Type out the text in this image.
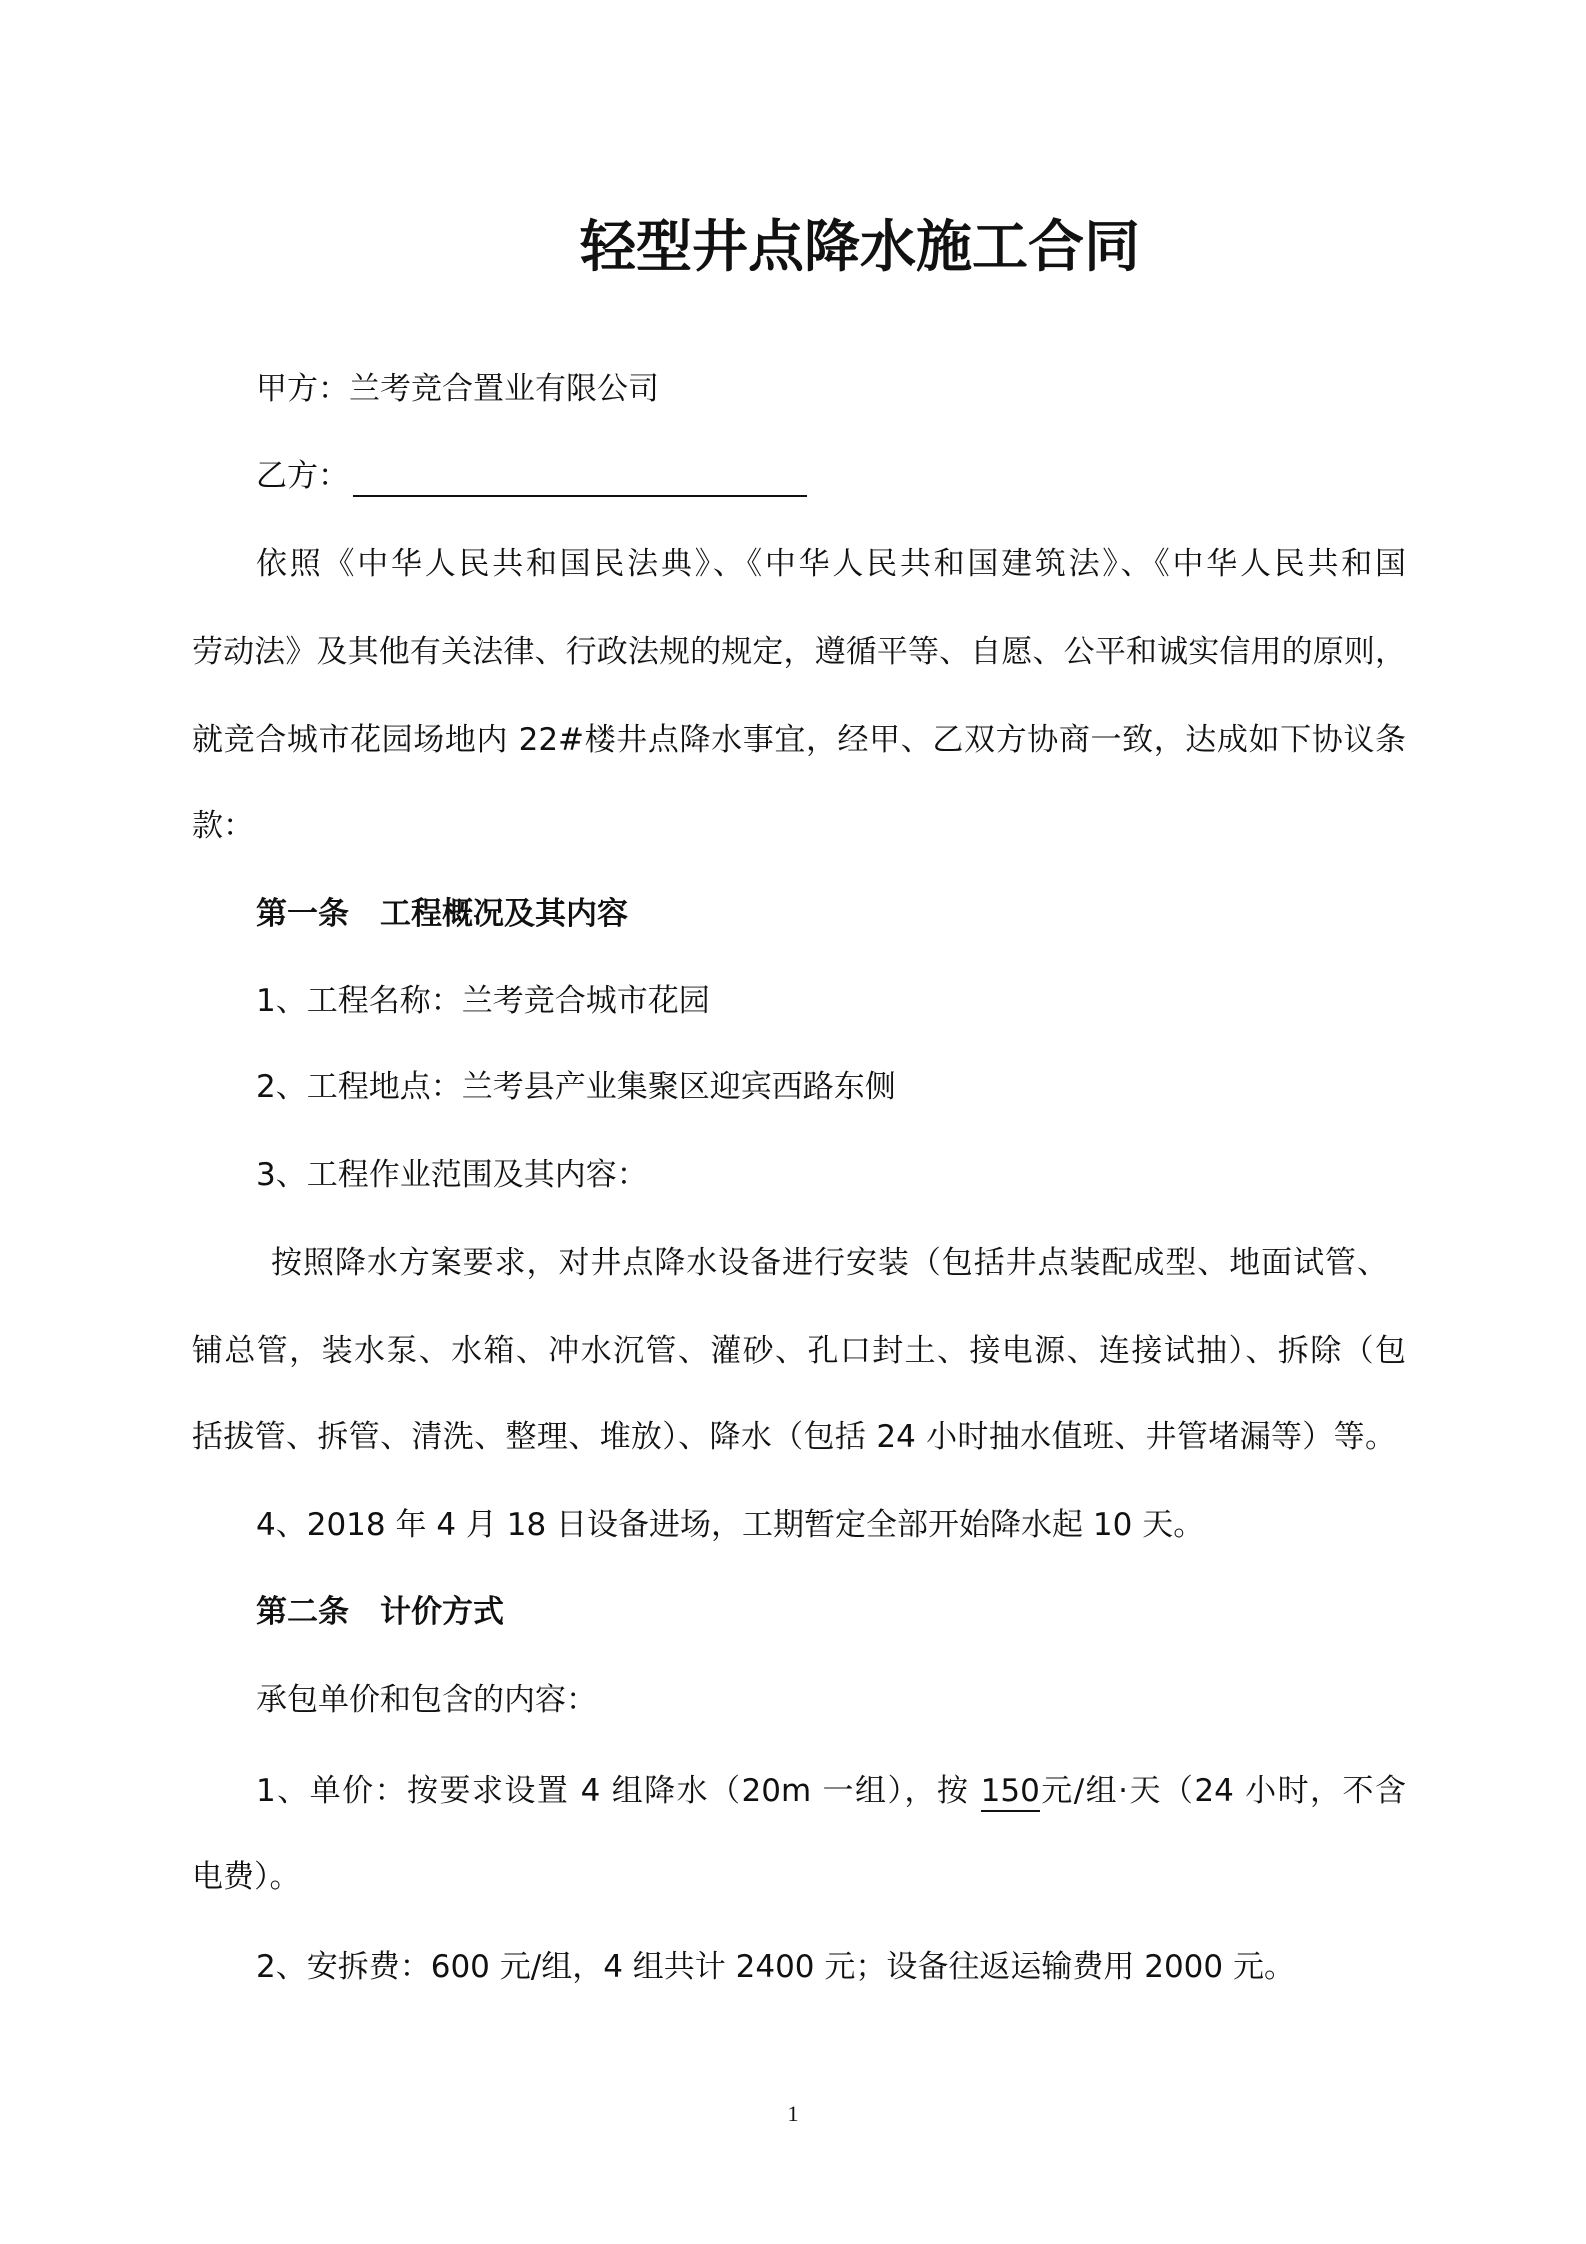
轻型井点降水施工合同
甲方：兰考竞合置业有限公司
乙方：
依照《中华人民共和国民法典》、《中华人民共和国建筑法》、《中华人民共和国
劳动法》及其他有关法律、行政法规的规定，遵循平等、自愿、公平和诚实信用的原则，
就竞合城市花园场地内 22#楼井点降水事宜，经甲、乙双方协商一致，达成如下协议条
款：
第一条 工程概况及其内容
1、工程名称：兰考竞合城市花园
2、工程地点：兰考县产业集聚区迎宾西路东侧
3、工程作业范围及其内容：
按照降水方案要求，对井点降水设备进行安装（包括井点装配成型、地面试管、
铺总管，装水泵、水箱、冲水沉管、灌砂、孔口封土、接电源、连接试抽）、拆除（包
括拔管、拆管、清洗、整理、堆放）、降水（包括 24 小时抽水值班、井管堵漏等）等。
4、2018 年 4 月 18 日设备进场，工期暂定全部开始降水起 10 天。
第二条 计价方式
承包单价和包含的内容：
1、单价：按要求设置 4 组降水（20m 一组），按 150元/组·天（24 小时，不含
电费）。
2、安拆费：600 元/组，4 组共计 2400 元；设备往返运输费用 2000 元。
1
